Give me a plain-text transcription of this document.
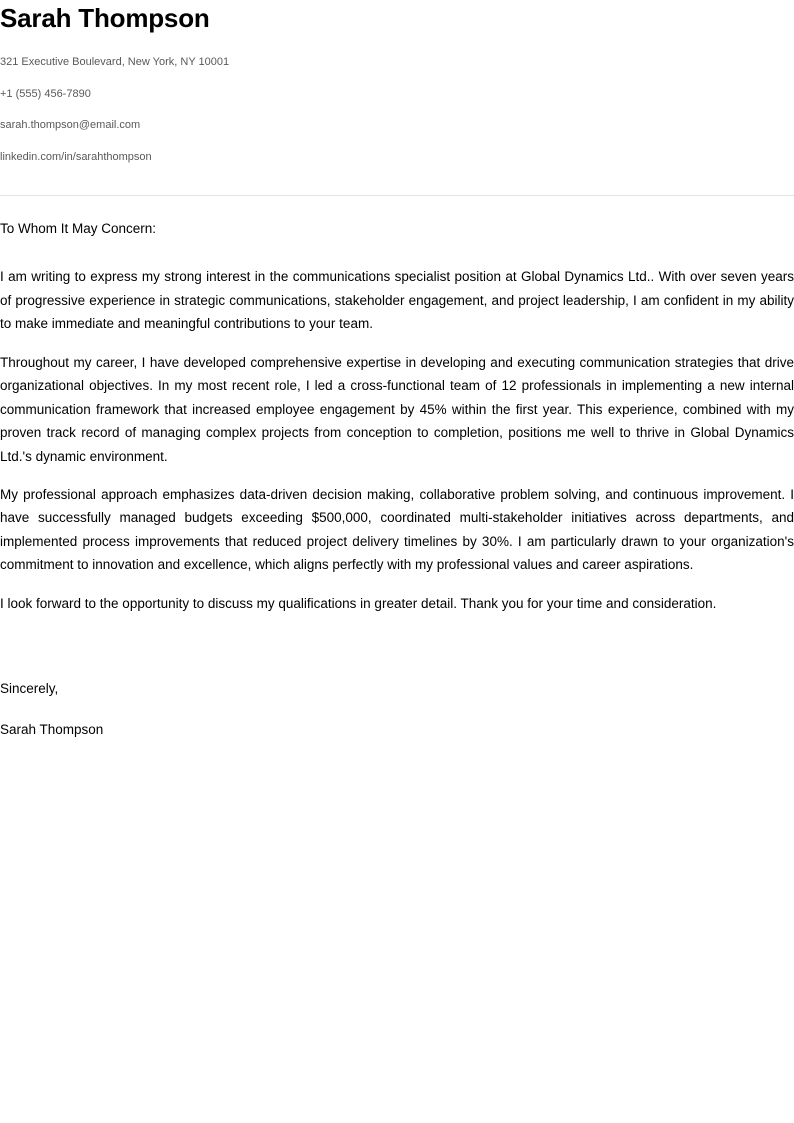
Sarah Thompson
321 Executive Boulevard, New York, NY 10001
+1 (555) 456-7890
sarah.thompson@email.com
linkedin.com/in/sarahthompson

To Whom It May Concern:

I am writing to express my strong interest in the communications specialist position at Global Dynamics Ltd.. With over seven years of progressive experience in strategic communications, stakeholder engagement, and project leadership, I am confident in my ability to make immediate and meaningful contributions to your team.

Throughout my career, I have developed comprehensive expertise in developing and executing communication strategies that drive organizational objectives. In my most recent role, I led a cross-functional team of 12 professionals in implementing a new internal communication framework that increased employee engagement by 45% within the first year. This experience, combined with my proven track record of managing complex projects from conception to completion, positions me well to thrive in Global Dynamics Ltd.'s dynamic environment.

My professional approach emphasizes data-driven decision making, collaborative problem solving, and continuous improvement. I have successfully managed budgets exceeding $500,000, coordinated multi-stakeholder initiatives across departments, and implemented process improvements that reduced project delivery timelines by 30%. I am particularly drawn to your organization's commitment to innovation and excellence, which aligns perfectly with my professional values and career aspirations.

I look forward to the opportunity to discuss my qualifications in greater detail. Thank you for your time and consideration.

Sincerely,

Sarah Thompson
